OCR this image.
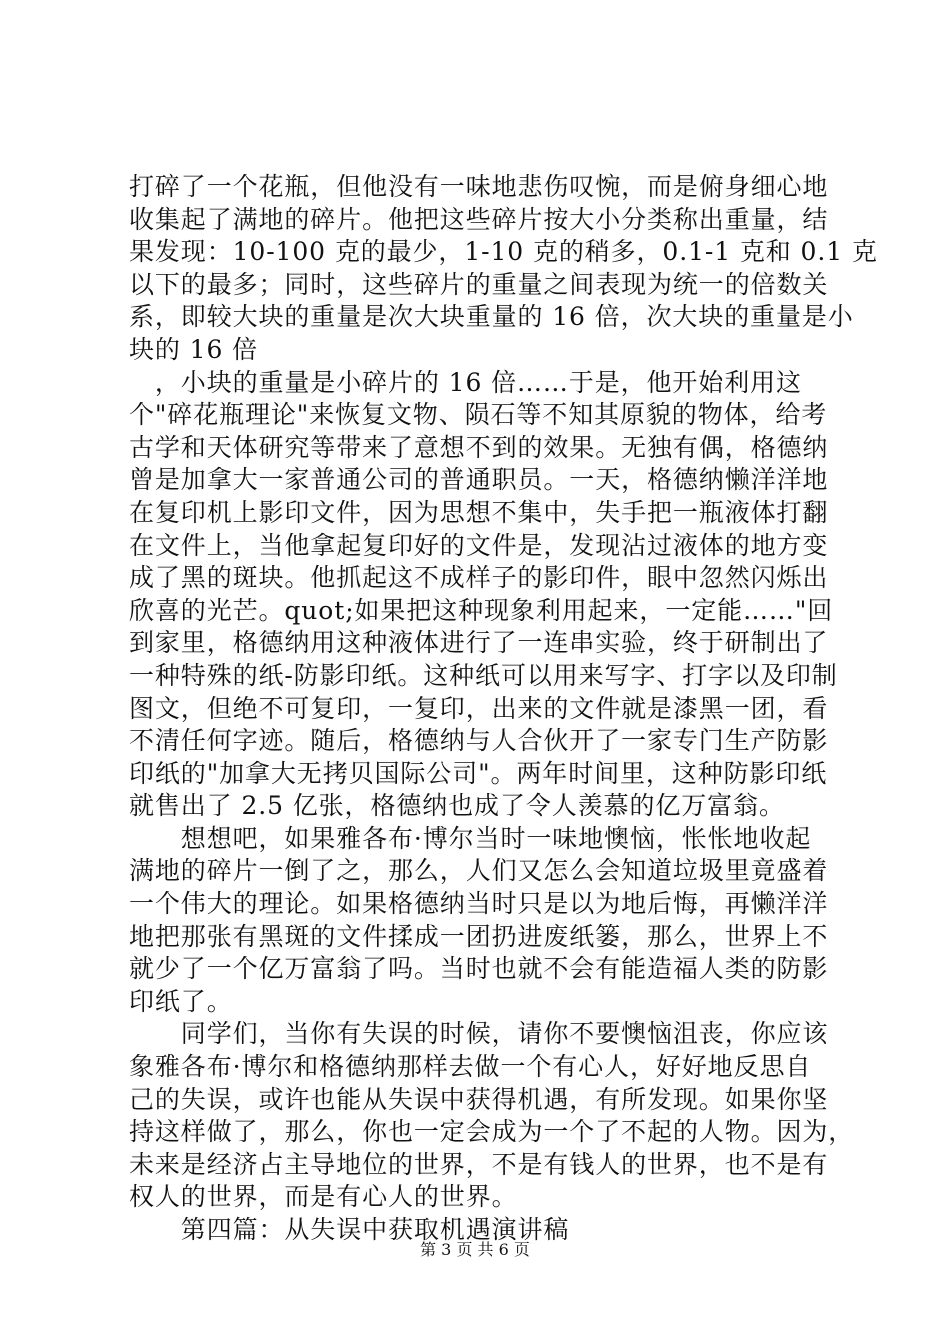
打碎了一个花瓶，但他没有一味地悲伤叹惋，而是俯身细心地
收集起了满地的碎片。他把这些碎片按大小分类称出重量，结
果发现：10-100 克的最少，1-10 克的稍多，0.1-1 克和 0.1 克
以下的最多；同时，这些碎片的重量之间表现为统一的倍数关
系，即较大块的重量是次大块重量的 16 倍，次大块的重量是小
块的 16 倍
　，小块的重量是小碎片的 16 倍……于是，他开始利用这
个"碎花瓶理论"来恢复文物、陨石等不知其原貌的物体，给考
古学和天体研究等带来了意想不到的效果。无独有偶，格德纳
曾是加拿大一家普通公司的普通职员。一天，格德纳懒洋洋地
在复印机上影印文件，因为思想不集中，失手把一瓶液体打翻
在文件上，当他拿起复印好的文件是，发现沾过液体的地方变
成了黑的斑块。他抓起这不成样子的影印件，眼中忽然闪烁出
欣喜的光芒。quot;如果把这种现象利用起来，一定能……"回
到家里，格德纳用这种液体进行了一连串实验，终于研制出了
一种特殊的纸-防影印纸。这种纸可以用来写字、打字以及印制
图文，但绝不可复印，一复印，出来的文件就是漆黑一团，看
不清任何字迹。随后，格德纳与人合伙开了一家专门生产防影
印纸的"加拿大无拷贝国际公司"。两年时间里，这种防影印纸
就售出了 2.5 亿张，格德纳也成了令人羡慕的亿万富翁。
　　想想吧，如果雅各布·博尔当时一味地懊恼，怅怅地收起
满地的碎片一倒了之，那么，人们又怎么会知道垃圾里竟盛着
一个伟大的理论。如果格德纳当时只是以为地后悔，再懒洋洋
地把那张有黑斑的文件揉成一团扔进废纸篓，那么，世界上不
就少了一个亿万富翁了吗。当时也就不会有能造福人类的防影
印纸了。
　　同学们，当你有失误的时候，请你不要懊恼沮丧，你应该
象雅各布·博尔和格德纳那样去做一个有心人，好好地反思自
己的失误，或许也能从失误中获得机遇，有所发现。如果你坚
持这样做了，那么，你也一定会成为一个了不起的人物。因为，
未来是经济占主导地位的世界，不是有钱人的世界，也不是有
权人的世界，而是有心人的世界。
　　第四篇：从失误中获取机遇演讲稿
第 3 页 共 6 页
